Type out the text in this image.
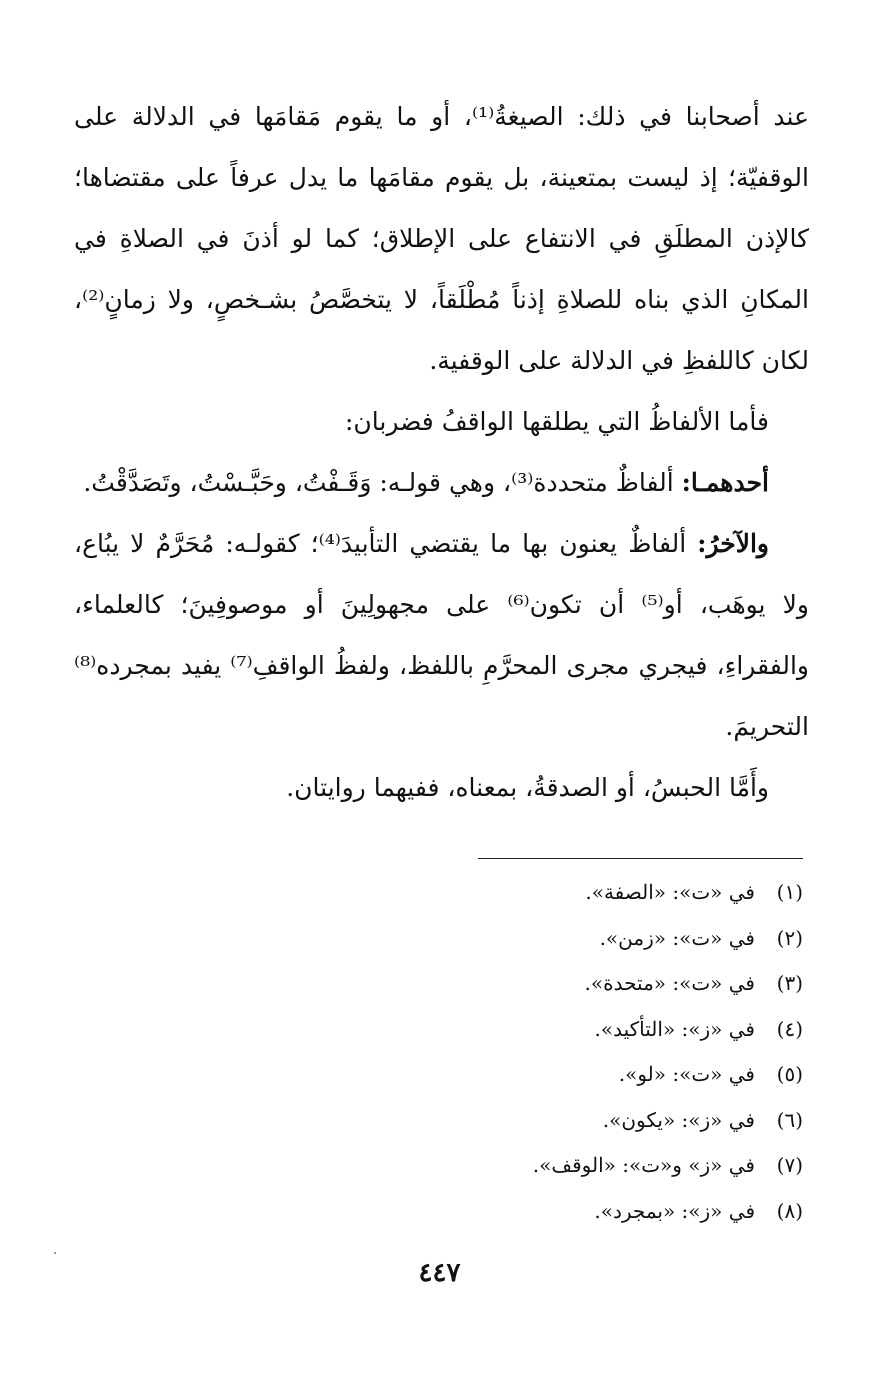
عند أصحابنا في ذلك: الصيغةُ⁽¹⁾، أو ما يقوم مَقامَها في الدلالة على الوقفيّة؛ إذ ليست بمتعينة، بل يقوم مقامَها ما يدل عرفاً على مقتضاها؛ كالإذن المطلَقِ في الانتفاع على الإطلاق؛ كما لو أذنَ في الصلاةِ في المكانِ الذي بناه للصلاةِ إذناً مُطْلَقاً، لا يتخصَّصُ بشـخصٍ، ولا زمانٍ⁽²⁾، لكان كاللفظِ في الدلالة على الوقفية.

فأما الألفاظُ التي يطلقها الواقفُ فضربان:

أحدهمـا: ألفاظٌ متحددة⁽³⁾، وهي قولـه: وَقَـفْتُ، وحَبَّـسْتُ، وتَصَدَّقْتُ.

والآخرُ: ألفاظٌ يعنون بها ما يقتضي التأبيدَ⁽⁴⁾؛ كقولـه: مُحَرَّمٌ لا يبُاع، ولا يوهَب، أو⁽⁵⁾ أن تكون⁽⁶⁾ على مجهولِينَ أو موصوفِينَ؛ كالعلماء، والفقراءِ، فيجري مجرى المحرَّمِ باللفظ، ولفظُ الواقفِ⁽⁷⁾ يفيد بمجرده⁽⁸⁾ التحريمَ.

وأَمَّا الحبسُ، أو الصدقةُ، بمعناه، ففيهما روايتان.

(١)
في «ت»: «الصفة».
(٢)
في «ت»: «زمن».
(٣)
في «ت»: «متحدة».
(٤)
في «ز»: «التأكيد».
(٥)
في «ت»: «لو».
(٦)
في «ز»: «يكون».
(٧)
في «ز» و«ت»: «الوقف».
(٨)
في «ز»: «بمجرد».
٤٤٧
